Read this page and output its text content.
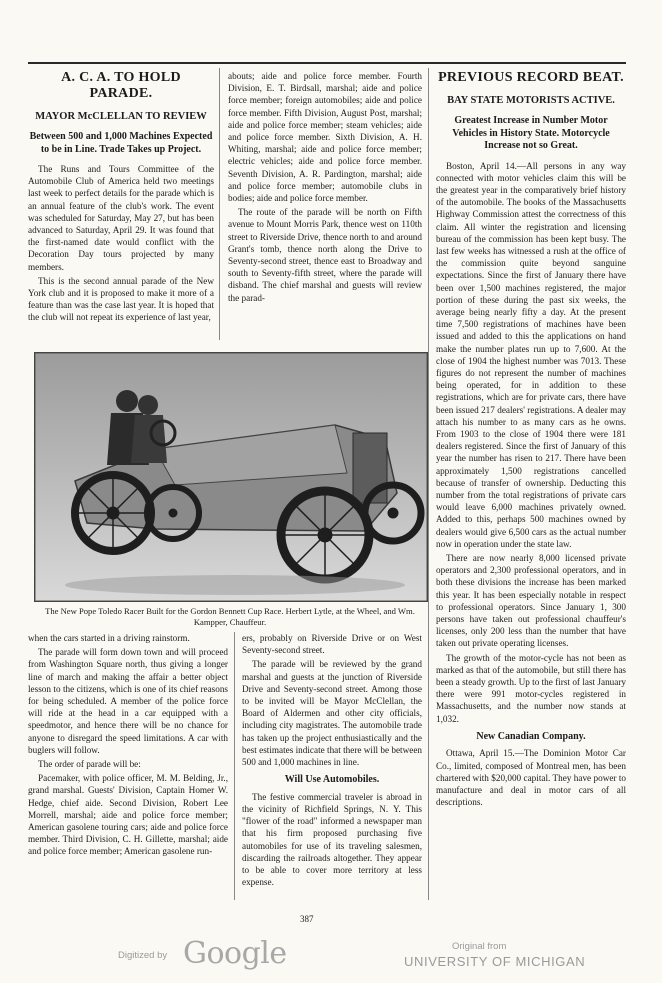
A. C. A. TO HOLD PARADE.
MAYOR McCLELLAN TO REVIEW
Between 500 and 1,000 Machines Expected to be in Line. Trade Takes up Project.

The Runs and Tours Committee of the Automobile Club of America held two meetings last week to perfect details for the parade which is an annual feature of the club's work. The event was scheduled for Saturday, May 27, but has been advanced to Saturday, April 29. It was found that the first-named date would conflict with the Decoration Day tours projected by many members.

This is the second annual parade of the New York club and it is proposed to make it more of a feature than was the case last year. It is hoped that the club will not repeat its experience of last year,

abouts; aide and police force member. Fourth Division, E. T. Birdsall, marshal; aide and police force member; foreign automobiles; aide and police force member. Fifth Division, August Post, marshal; aide and police force member; steam vehicles; aide and police force member. Sixth Division, A. H. Whiting, marshal; aide and police force member; electric vehicles; aide and police force member. Seventh Division, A. R. Pardington, marshal; aide and police force member; automobile clubs in bodies; aide and police force member.

The route of the parade will be north on Fifth avenue to Mount Morris Park, thence west on 110th street to Riverside Drive, thence north to and around Grant's tomb, thence north along the Drive to Seventy-second street, thence east to Broadway and south to Seventy-fifth street, where the parade will disband. The chief marshal and guests will review the parad-

The New Pope Toledo Racer Built for the Gordon Bennett Cup Race. Herbert Lytle, at the Wheel, and Wm. Kampper, Chauffeur.

when the cars started in a driving rainstorm.

The parade will form down town and will proceed from Washington Square north, thus giving a longer line of march and making the affair a better object lesson to the citizens, which is one of its chief reasons for being scheduled. A member of the police force will ride at the head in a car equipped with a speedmotor, and hence there will be no chance for anyone to disregard the speed limitations. A car with buglers will follow.

The order of parade will be:

Pacemaker, with police officer, M. M. Belding, Jr., grand marshal. Guests' Division, Captain Homer W. Hedge, chief aide. Second Division, Robert Lee Morrell, marshal; aide and police force member; American gasolene touring cars; aide and police force member. Third Division, C. H. Gillette, marshal; aide and police force member; American gasolene run-

ers, probably on Riverside Drive or on West Seventy-second street.

The parade will be reviewed by the grand marshal and guests at the junction of Riverside Drive and Seventy-second street. Among those to be invited will be Mayor McClellan, the Board of Aldermen and other city officials, including city magistrates. The automobile trade has taken up the project enthusiastically and the best estimates indicate that there will be between 500 and 1,000 machines in line.

Will Use Automobiles.

The festive commercial traveler is abroad in the vicinity of Richfield Springs, N. Y. This "flower of the road" informed a newspaper man that his firm proposed purchasing five automobiles for use of its traveling salesmen, discarding the railroads altogether. They appear to be able to cover more territory at less expense.

PREVIOUS RECORD BEAT.
BAY STATE MOTORISTS ACTIVE.
Greatest Increase in Number Motor Vehicles in History State. Motorcycle Increase not so Great.

Boston, April 14.—All persons in any way connected with motor vehicles claim this will be the greatest year in the comparatively brief history of the automobile. The books of the Massachusetts Highway Commission attest the correctness of this claim. All winter the registration and licensing bureau of the commission has been kept busy. The last few weeks has witnessed a rush at the office of the commission quite beyond sanguine expectations. Since the first of January there have been over 1,500 machines registered, the major portion of these during the past six weeks, the average being nearly fifty a day. At the present time 7,500 registrations of machines have been issued and added to this the applications on hand make the number plates run up to 7,600. At the close of 1904 the highest number was 7013. These figures do not represent the number of machines being operated, for in addition to these registrations, which are for private cars, there have been issued 217 dealers' registrations. A dealer may attach his number to as many cars as he owns. From 1903 to the close of 1904 there were 181 dealers registered. Since the first of January of this year the number has risen to 217. There have been approximately 1,500 registrations cancelled because of transfer of ownership. Deducting this number from the total registrations of private cars would leave 6,000 machines privately owned. Added to this, perhaps 500 machines owned by dealers would give 6,500 cars as the actual number now in operation under the state law.

There are now nearly 8,000 licensed private operators and 2,300 professional operators, and in both these divisions the increase has been marked this year. It has been especially notable in respect to professional operators. Since January 1, 300 persons have taken out professional chauffeur's licenses, only 200 less than the number that have taken out private operating licenses.

The growth of the motor-cycle has not been as marked as that of the automobile, but still there has been a steady growth. Up to the first of last January there were 991 motor-cycles registered in Massachusetts, and the number now stands at 1,032.

New Canadian Company.

Ottawa, April 15.—The Dominion Motor Car Co., limited, composed of Montreal men, has been chartered with $20,000 capital. They have power to manufacture and deal in motor cars of all descriptions.

387
Digitized by Google	Original from
UNIVERSITY OF MICHIGAN
